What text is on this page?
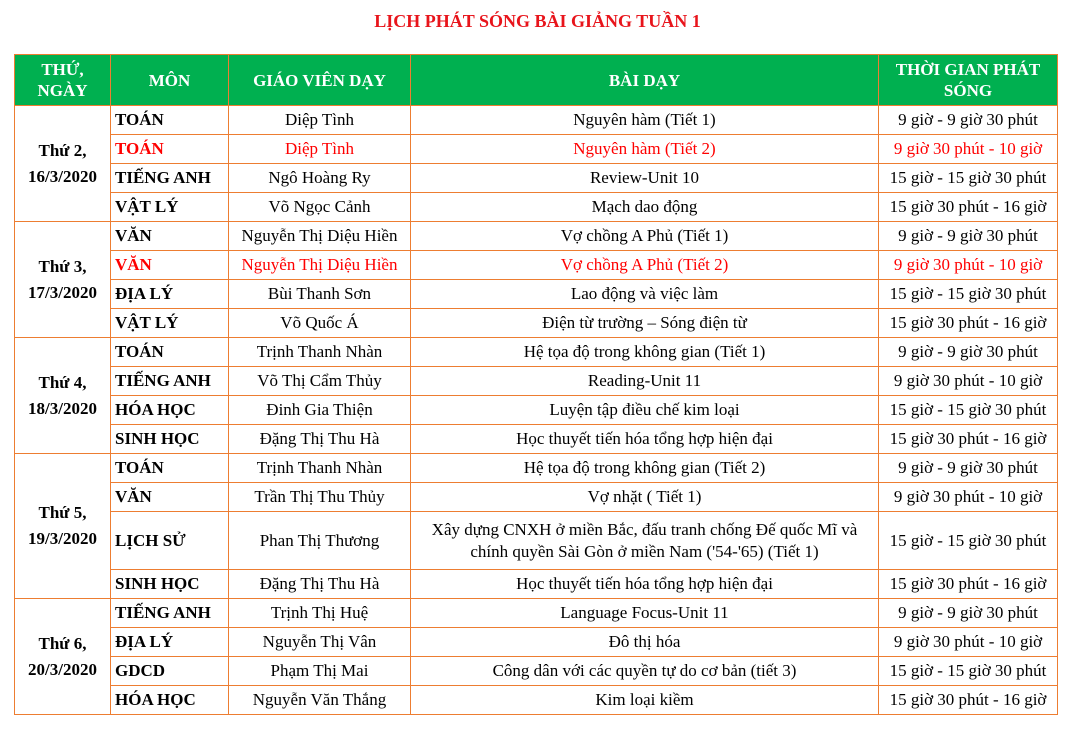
LỊCH PHÁT SÓNG BÀI GIẢNG TUẦN 1
THỨ, NGÀY	MÔN	GIÁO VIÊN DẠY	BÀI DẠY	THỜI GIAN PHÁT SÓNG

Thứ 2,
16/3/2020	TOÁN	Diệp Tình	Nguyên hàm (Tiết 1)	9 giờ - 9 giờ 30 phút
	TOÁN	Diệp Tình	Nguyên hàm (Tiết 2)	9 giờ 30 phút - 10 giờ
	TIẾNG ANH	Ngô Hoàng Ry	Review-Unit 10	15 giờ - 15 giờ 30 phút
	VẬT LÝ	Võ Ngọc Cảnh	Mạch dao động	15 giờ 30 phút - 16 giờ

Thứ 3,
17/3/2020	VĂN	Nguyễn Thị Diệu Hiền	Vợ chồng A Phủ (Tiết 1)	9 giờ - 9 giờ 30 phút
	VĂN	Nguyễn Thị Diệu Hiền	Vợ chồng A Phủ (Tiết 2)	9 giờ 30 phút - 10 giờ
	ĐỊA LÝ	Bùi Thanh Sơn	Lao động và việc làm	15 giờ - 15 giờ 30 phút
	VẬT LÝ	Võ Quốc Á	Điện từ trường – Sóng điện từ	15 giờ 30 phút - 16 giờ

Thứ 4,
18/3/2020	TOÁN	Trịnh Thanh Nhàn	Hệ tọa độ trong không gian (Tiết 1)	9 giờ - 9 giờ 30 phút
	TIẾNG ANH	Võ Thị Cẩm Thủy	Reading-Unit 11	9 giờ 30 phút - 10 giờ
	HÓA HỌC	Đinh Gia Thiện	Luyện tập điều chế kim loại	15 giờ - 15 giờ 30 phút
	SINH HỌC	Đặng Thị Thu Hà	Học thuyết tiến hóa tổng hợp hiện đại	15 giờ 30 phút - 16 giờ

Thứ 5,
19/3/2020	TOÁN	Trịnh Thanh Nhàn	Hệ tọa độ trong không gian (Tiết 2)	9 giờ - 9 giờ 30 phút
	VĂN	Trần Thị Thu Thủy	Vợ nhặt ( Tiết 1)	9 giờ 30 phút - 10 giờ
	LỊCH SỬ	Phan Thị Thương	Xây dựng CNXH ở miền Bắc, đấu tranh chống Đế quốc Mĩ và chính quyền Sài Gòn ở miền Nam ('54-'65) (Tiết 1)	15 giờ - 15 giờ 30 phút
	SINH HỌC	Đặng Thị Thu Hà	Học thuyết tiến hóa tổng hợp hiện đại	15 giờ 30 phút - 16 giờ

Thứ 6,
20/3/2020	TIẾNG ANH	Trịnh Thị Huệ	Language Focus-Unit 11	9 giờ - 9 giờ 30 phút
	ĐỊA LÝ	Nguyễn Thị Vân	Đô thị hóa	9 giờ 30 phút - 10 giờ
	GDCD	Phạm Thị Mai	Công dân với các quyền tự do cơ bản (tiết 3)	15 giờ - 15 giờ 30 phút
	HÓA HỌC	Nguyễn Văn Thắng	Kim loại kiềm	15 giờ 30 phút - 16 giờ
